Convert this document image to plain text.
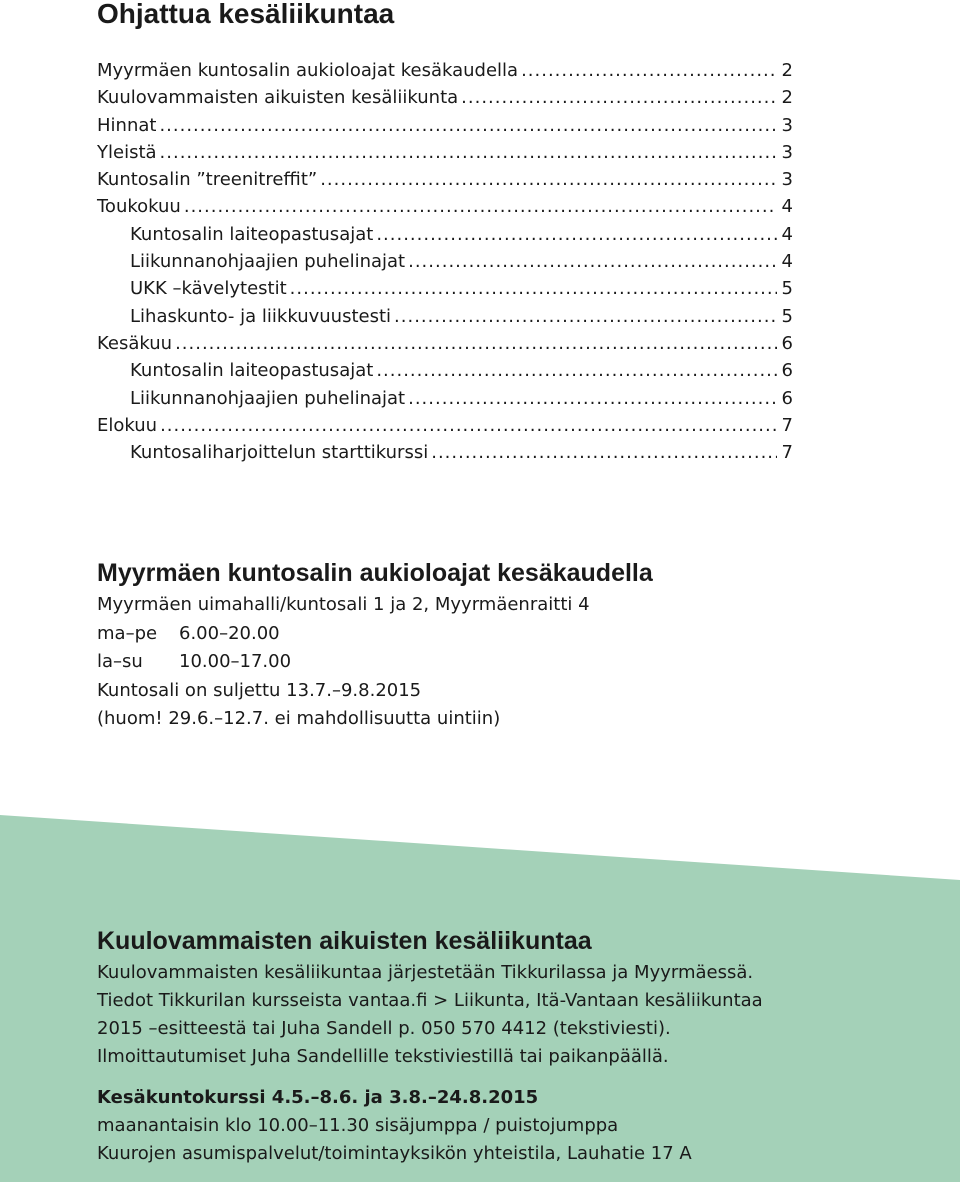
Ohjattua kesäliikuntaa
Myyrmäen kuntosalin aukioloajat kesäkaudella .....	2
Kuulovammaisten aikuisten kesäliikunta .....	2
Hinnat .....	3
Yleistä .....	3
Kuntosalin ”treenitreffit” .....	3
Toukokuu .....	4
Kuntosalin laiteopastusajat .....	4
Liikunnanohjaajien puhelinajat .....	4
UKK –kävelytestit .....	5
Lihaskunto- ja liikkuvuustesti .....	5
Kesäkuu .....	6
Kuntosalin laiteopastusajat .....	6
Liikunnanohjaajien puhelinajat .....	6
Elokuu .....	7
Kuntosaliharjoittelun starttikurssi .....	7
Myyrmäen kuntosalin aukioloajat kesäkaudella
Myyrmäen uimahalli/kuntosali 1 ja 2, Myyrmäenraitti 4
ma–pe	6.00–20.00
la–su	10.00–17.00
Kuntosali on suljettu 13.7.–9.8.2015
(huom! 29.6.–12.7. ei mahdollisuutta uintiin)
Kuulovammaisten aikuisten kesäliikuntaa
Kuulovammaisten kesäliikuntaa järjestetään Tikkurilassa ja Myyrmäessä.
Tiedot Tikkurilan kursseista vantaa.fi > Liikunta, Itä-Vantaan kesäliikuntaa
2015 –esitteestä tai Juha Sandell p. 050 570 4412 (tekstiviesti).
Ilmoittautumiset Juha Sandellille tekstiviestillä tai paikanpäällä.
Kesäkuntokurssi 4.5.–8.6. ja 3.8.–24.8.2015
maanantaisin klo 10.00–11.30 sisäjumppa / puistojumppa
Kuurojen asumispalvelut/toimintayksikön yhteistila, Lauhatie 17 A
